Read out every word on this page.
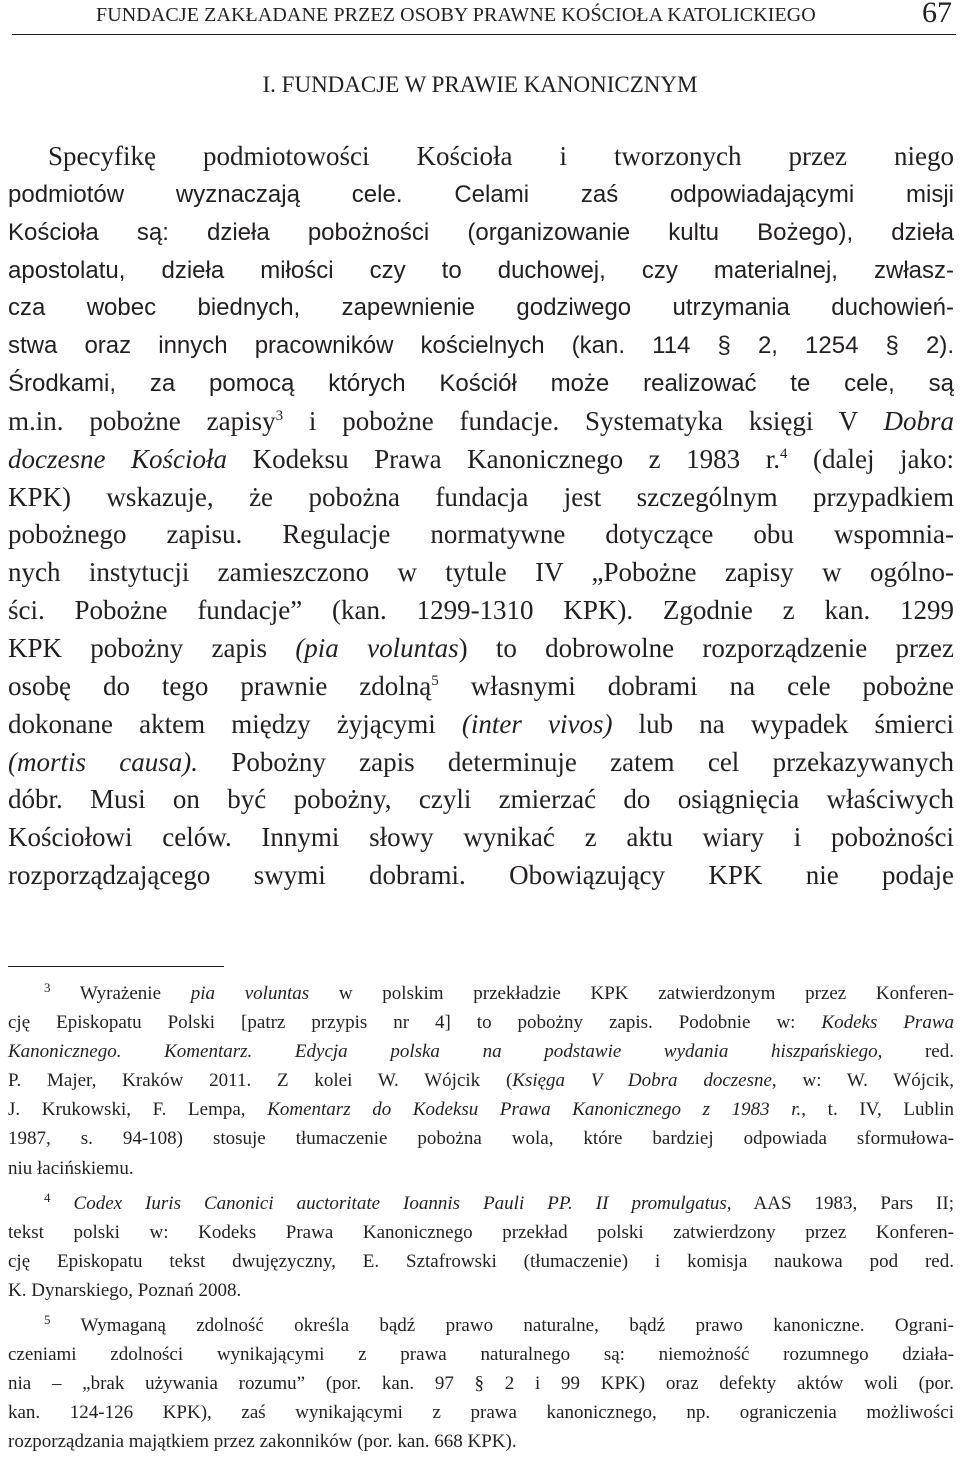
FUNDACJE ZAKŁADANE PRZEZ OSOBY PRAWNE KOŚCIOŁA KATOLICKIEGO	67
I. FUNDACJE W PRAWIE KANONICZNYM
Specyfikę podmiotowości Kościoła i tworzonych przez niego
podmiotów wyznaczają cele. Celami zaś odpowiadającymi misji
Kościoła są: dzieła pobożności (organizowanie kultu Bożego), dzieła
apostolatu, dzieła miłości czy to duchowej, czy materialnej, zwłasz-
cza wobec biednych, zapewnienie godziwego utrzymania duchowień-
stwa oraz innych pracowników kościelnych (kan. 114 § 2, 1254 § 2).
Środkami, za pomocą których Kościół może realizować te cele, są
m.in. pobożne zapisy$^3$ i pobożne fundacje. Systematyka księgi V Dobra
doczesne Kościoła Kodeksu Prawa Kanonicznego z 1983 r.$^4$ (dalej jako:
KPK) wskazuje, że pobożna fundacja jest szczególnym przypadkiem
pobożnego zapisu. Regulacje normatywne dotyczące obu wspomnia-
nych instytucji zamieszczono w tytule IV „Pobożne zapisy w ogólno-
ści. Pobożne fundacje” (kan. 1299-1310 KPK). Zgodnie z kan. 1299
KPK pobożny zapis (pia voluntas) to dobrowolne rozporządzenie przez
osobę do tego prawnie zdolną$^5$ własnymi dobrami na cele pobożne
dokonane aktem między żyjącymi (inter vivos) lub na wypadek śmierci
(mortis causa). Pobożny zapis determinuje zatem cel przekazywanych
dóbr. Musi on być pobożny, czyli zmierzać do osiągnięcia właściwych
Kościołowi celów. Innymi słowy wynikać z aktu wiary i pobożności
rozporządzającego swymi dobrami. Obowiązujący KPK nie podaje
$^3$ Wyrażenie pia voluntas w polskim przekładzie KPK zatwierdzonym przez Konferen-
cję Episkopatu Polski [patrz przypis nr 4] to pobożny zapis. Podobnie w: Kodeks Prawa
Kanonicznego. Komentarz. Edycja polska na podstawie wydania hiszpańskiego, red.
P. Majer, Kraków 2011. Z kolei W. Wójcik (Księga V Dobra doczesne, w: W. Wójcik,
J. Krukowski, F. Lempa, Komentarz do Kodeksu Prawa Kanonicznego z 1983 r., t. IV, Lublin
1987, s. 94-108) stosuje tłumaczenie pobożna wola, które bardziej odpowiada sformułowa-
niu łacińskiemu.
$^4$ Codex Iuris Canonici auctoritate Ioannis Pauli PP. II promulgatus, AAS 1983, Pars II;
tekst polski w: Kodeks Prawa Kanonicznego przekład polski zatwierdzony przez Konferen-
cję Episkopatu tekst dwujęzyczny, E. Sztafrowski (tłumaczenie) i komisja naukowa pod red.
K. Dynarskiego, Poznań 2008.
$^5$ Wymaganą zdolność określa bądź prawo naturalne, bądź prawo kanoniczne. Ograni-
czeniami zdolności wynikającymi z prawa naturalnego są: niemożność rozumnego działa-
nia – „brak używania rozumu” (por. kan. 97 § 2 i 99 KPK) oraz defekty aktów woli (por.
kan. 124-126 KPK), zaś wynikającymi z prawa kanonicznego, np. ograniczenia możliwości
rozporządzania majątkiem przez zakonników (por. kan. 668 KPK).
